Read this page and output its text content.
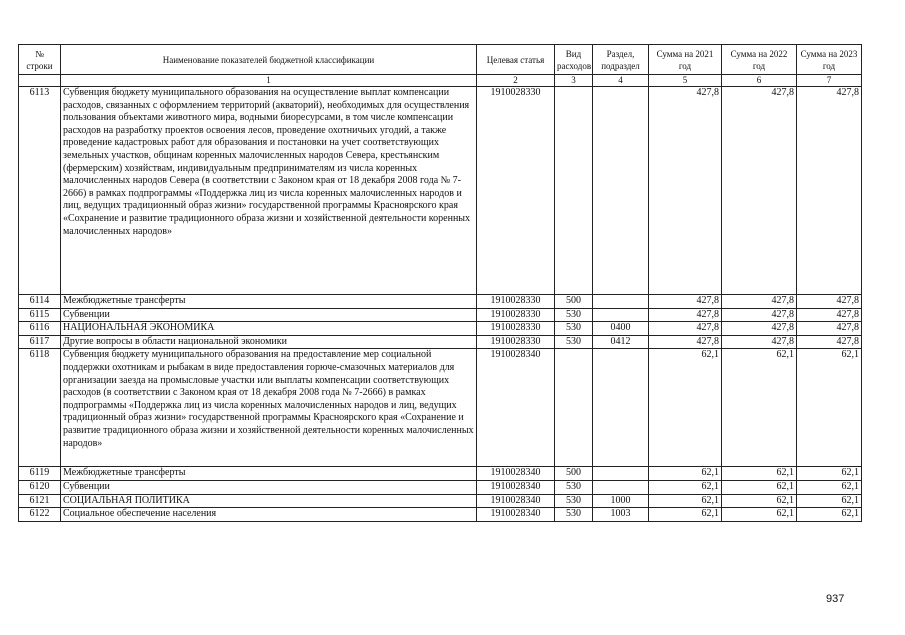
№ строки	Наименование показателей бюджетной классификации	Целевая статья	Вид расходов	Раздел, подраздел	Сумма на 2021 год	Сумма на 2022 год	Сумма на 2023 год
	1	2	3	4	5	6	7
6113	Субвенция бюджету муниципального образования на осуществление выплат компенсации расходов, связанных с оформлением территорий (акваторий), необходимых для осуществления пользования объектами животного мира, водными биоресурсами, в том числе компенсации расходов на разработку проектов освоения лесов, проведение охотничьих угодий, а также проведение кадастровых работ для образования и постановки на учет соответствующих земельных участков, общинам коренных малочисленных народов Севера, крестьянским (фермерским) хозяйствам, индивидуальным предпринимателям из числа коренных малочисленных народов Севера (в соответствии с Законом края от 18 декабря 2008 года № 7-2666) в рамках подпрограммы «Поддержка лиц из числа коренных малочисленных народов и лиц, ведущих традиционный образ жизни» государственной программы Красноярского края «Сохранение и развитие традиционного образа жизни и хозяйственной деятельности коренных малочисленных народов»	1910028330			427,8	427,8	427,8
6114	Межбюджетные трансферты	1910028330	500		427,8	427,8	427,8
6115	Субвенции	1910028330	530		427,8	427,8	427,8
6116	НАЦИОНАЛЬНАЯ ЭКОНОМИКА	1910028330	530	0400	427,8	427,8	427,8
6117	Другие вопросы в области национальной экономики	1910028330	530	0412	427,8	427,8	427,8
6118	Субвенция бюджету муниципального образования на предоставление мер социальной поддержки охотникам и рыбакам в виде предоставления горюче-смазочных материалов для организации заезда на промысловые участки или выплаты компенсации соответствующих расходов (в соответствии с Законом края от 18 декабря 2008 года № 7-2666) в рамках подпрограммы «Поддержка лиц из числа коренных малочисленных народов и лиц, ведущих традиционный образ жизни» государственной программы Красноярского края «Сохранение и развитие традиционного образа жизни и хозяйственной деятельности коренных малочисленных народов»	1910028340			62,1	62,1	62,1
6119	Межбюджетные трансферты	1910028340	500		62,1	62,1	62,1
6120	Субвенции	1910028340	530		62,1	62,1	62,1
6121	СОЦИАЛЬНАЯ ПОЛИТИКА	1910028340	530	1000	62,1	62,1	62,1
6122	Социальное обеспечение населения	1910028340	530	1003	62,1	62,1	62,1
937
